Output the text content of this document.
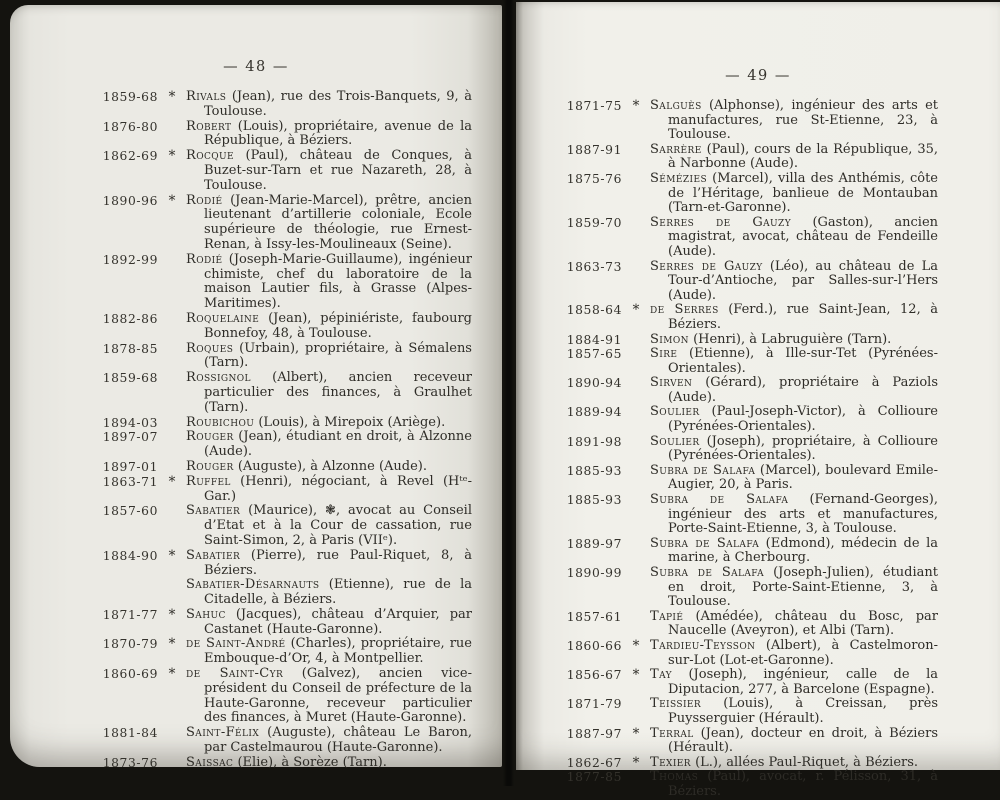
— 48 —
1859-68 * Rivals (Jean), rue des Trois-Banquets, 9, à Toulouse.
1876-80 Robert (Louis), propriétaire, avenue de la République, à Béziers.
1862-69 * Rocque (Paul), château de Conques, à Buzet-sur-Tarn et rue Nazareth, 28, à Toulouse.
1890-96 * Rodié (Jean-Marie-Marcel), prêtre, ancien lieutenant d’artillerie coloniale, Ecole supérieure de théologie, rue Ernest-Renan, à Issy-les-Moulineaux (Seine).
1892-99 Rodié (Joseph-Marie-Guillaume), ingénieur chimiste, chef du laboratoire de la maison Lautier fils, à Grasse (Alpes-Maritimes).
1882-86 Roquelaine (Jean), pépiniériste, faubourg Bonnefoy, 48, à Toulouse.
1878-85 Roques (Urbain), propriétaire, à Sémalens (Tarn).
1859-68 Rossignol (Albert), ancien receveur particulier des finances, à Graulhet (Tarn).
1894-03 Roubichou (Louis), à Mirepoix (Ariège).
1897-07 Rouger (Jean), étudiant en droit, à Alzonne (Aude).
1897-01 Rouger (Auguste), à Alzonne (Aude).
1863-71 * Ruffel (Henri), négociant, à Revel (Hᵗᵉ-Gar.)
1857-60 Sabatier (Maurice), ❃, avocat au Conseil d’Etat et à la Cour de cassation, rue Saint-Simon, 2, à Paris (VIIᵉ).
1884-90 * Sabatier (Pierre), rue Paul-Riquet, 8, à Béziers.
Sabatier-Désarnauts (Etienne), rue de la Citadelle, à Béziers.
1871-77 * Sahuc (Jacques), château d’Arquier, par Castanet (Haute-Garonne).
1870-79 * de Saint-André (Charles), propriétaire, rue Embouque-d’Or, 4, à Montpellier.
1860-69 * de Saint-Cyr (Galvez), ancien vice-président du Conseil de préfecture de la Haute-Garonne, receveur particulier des finances, à Muret (Haute-Garonne).
1881-84 Saint-Félix (Auguste), château Le Baron, par Castelmaurou (Haute-Garonne).
1873-76 Saissac (Elie), à Sorèze (Tarn).
— 49 —
1871-75 * Salguès (Alphonse), ingénieur des arts et manufactures, rue St-Etienne, 23, à Toulouse.
1887-91 Sarrère (Paul), cours de la République, 35, à Narbonne (Aude).
1875-76 Sémézies (Marcel), villa des Anthémis, côte de l’Héritage, banlieue de Montauban (Tarn-et-Garonne).
1859-70 Serres de Gauzy (Gaston), ancien magistrat, avocat, château de Fendeille (Aude).
1863-73 Serres de Gauzy (Léo), au château de La Tour-d’Antioche, par Salles-sur-l’Hers (Aude).
1858-64 * de Serres (Ferd.), rue Saint-Jean, 12, à Béziers.
1884-91 Simon (Henri), à Labruguière (Tarn).
1857-65 Sire (Etienne), à Ille-sur-Tet (Pyrénées-Orientales).
1890-94 Sirven (Gérard), propriétaire à Paziols (Aude).
1889-94 Soulier (Paul-Joseph-Victor), à Collioure (Pyrénées-Orientales).
1891-98 Soulier (Joseph), propriétaire, à Collioure (Pyrénées-Orientales).
1885-93 Subra de Salafa (Marcel), boulevard Emile-Augier, 20, à Paris.
1885-93 Subra de Salafa (Fernand-Georges), ingénieur des arts et manufactures, Porte-Saint-Etienne, 3, à Toulouse.
1889-97 Subra de Salafa (Edmond), médecin de la marine, à Cherbourg.
1890-99 Subra de Salafa (Joseph-Julien), étudiant en droit, Porte-Saint-Etienne, 3, à Toulouse.
1857-61 Tapié (Amédée), château du Bosc, par Naucelle (Aveyron), et Albi (Tarn).
1860-66 * Tardieu-Teysson (Albert), à Castelmoron-sur-Lot (Lot-et-Garonne).
1856-67 * Tay (Joseph), ingénieur, calle de la Diputacion, 277, à Barcelone (Espagne).
1871-79 Teissier (Louis), à Creissan, près Puysserguier (Hérault).
1887-97 * Terral (Jean), docteur en droit, à Béziers (Hérault).
1862-67 * Texier (L.), allées Paul-Riquet, à Béziers.
1877-85 Thomas (Paul), avocat, r. Pélisson, 31, à Béziers.
